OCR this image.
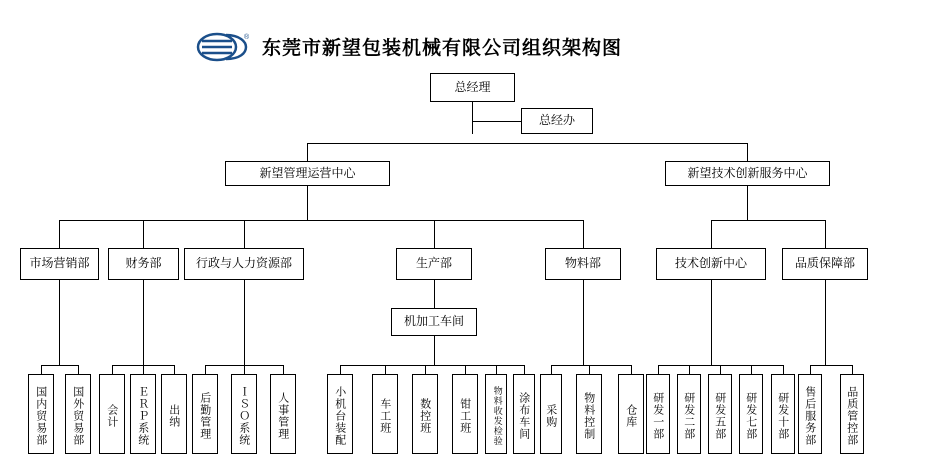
® 东莞市新望包装机械有限公司组织架构图
总经理
总经办
新望管理运营中心	新望技术创新服务中心
市场营销部	财务部	行政与人力资源部	生产部	物料部	技术创新中心	品质保障部
机加工车间
国内贸易部	国外贸易部	会计	ＥＲＰ系统	出纳	后勤管理	ＩＳＯ系统	人事管理	小机台装配	车工班	数控班	钳工班	物料收发检验	涂布车间	采购	物料控制	仓库	研发一部	研发二部	研发五部	研发七部	研发十部	售后服务部	品质管控部
